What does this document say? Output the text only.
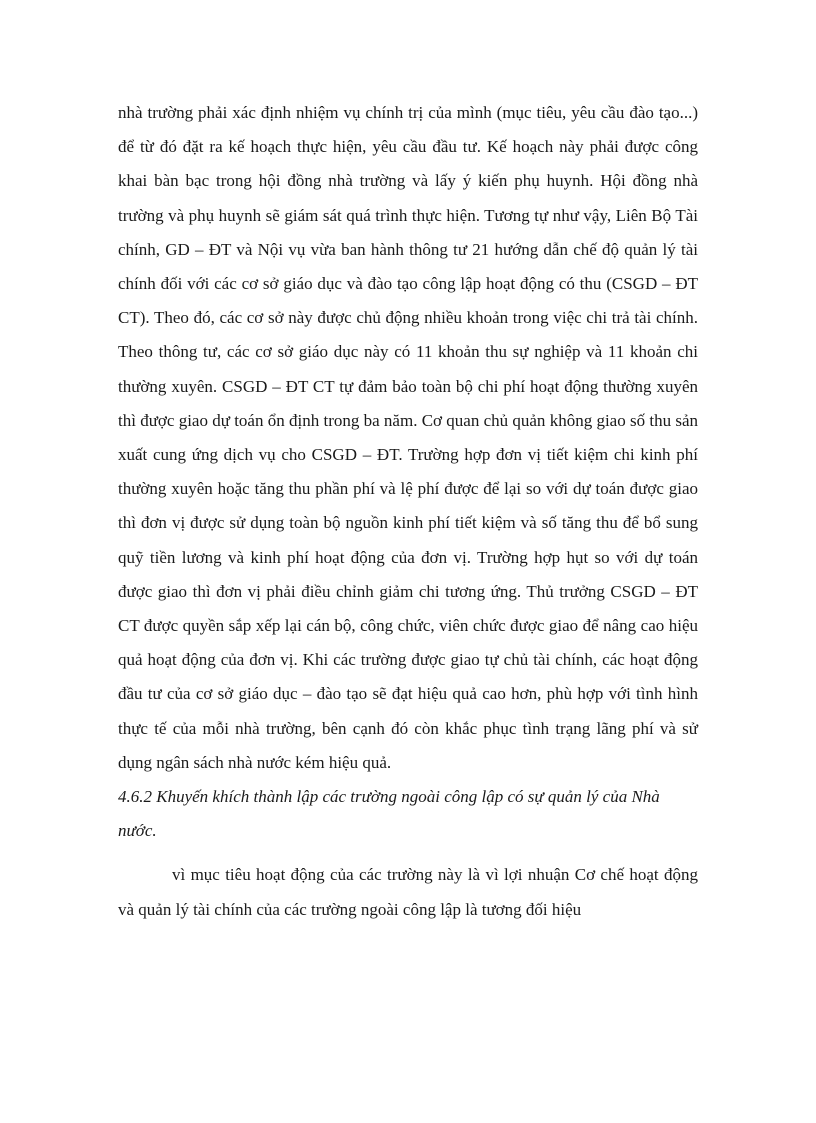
nhà trường phải xác định nhiệm vụ chính trị của mình (mục tiêu, yêu cầu đào tạo...) để từ đó đặt ra kế hoạch thực hiện, yêu cầu đầu tư. Kế hoạch này phải được công khai bàn bạc trong hội đồng nhà trường và lấy ý kiến phụ huynh. Hội đồng nhà trường và phụ huynh sẽ giám sát quá trình thực hiện. Tương tự như vậy, Liên Bộ Tài chính, GD – ĐT và Nội vụ vừa ban hành thông tư 21 hướng dẫn chế độ quản lý tài chính đối với các cơ sở giáo dục và đào tạo công lập hoạt động có thu (CSGD – ĐT CT). Theo đó, các cơ sở này được chủ động nhiều khoản trong việc chi trả tài chính. Theo thông tư, các cơ sở giáo dục này có 11 khoản thu sự nghiệp và 11 khoản chi thường xuyên. CSGD – ĐT CT tự đảm bảo toàn bộ chi phí hoạt động thường xuyên thì được giao dự toán ổn định trong ba năm. Cơ quan chủ quản không giao số thu sản xuất cung ứng dịch vụ cho CSGD – ĐT. Trường hợp đơn vị tiết kiệm chi kinh phí thường xuyên hoặc tăng thu phần phí và lệ phí được để lại so với dự toán được giao thì đơn vị được sử dụng toàn bộ nguồn kinh phí tiết kiệm và số tăng thu để bổ sung quỹ tiền lương và kinh phí hoạt động của đơn vị. Trường hợp hụt so với dự toán được giao thì đơn vị phải điều chỉnh giảm chi tương ứng. Thủ trưởng CSGD – ĐT CT được quyền sắp xếp lại cán bộ, công chức, viên chức được giao để nâng cao hiệu quả hoạt động của đơn vị. Khi các trường được giao tự chủ tài chính, các hoạt động đầu tư của cơ sở giáo dục – đào tạo sẽ đạt hiệu quả cao hơn, phù hợp với tình hình thực tế của mỗi nhà trường, bên cạnh đó còn khắc phục tình trạng lãng phí và sử dụng ngân sách nhà nước kém hiệu quả.

4.6.2 Khuyến khích thành lập các trường ngoài công lập có sự quản lý của Nhà nước.

vì mục tiêu hoạt động của các trường này là vì lợi nhuận Cơ chế hoạt động và quản lý tài chính của các trường ngoài công lập là tương đối hiệu
